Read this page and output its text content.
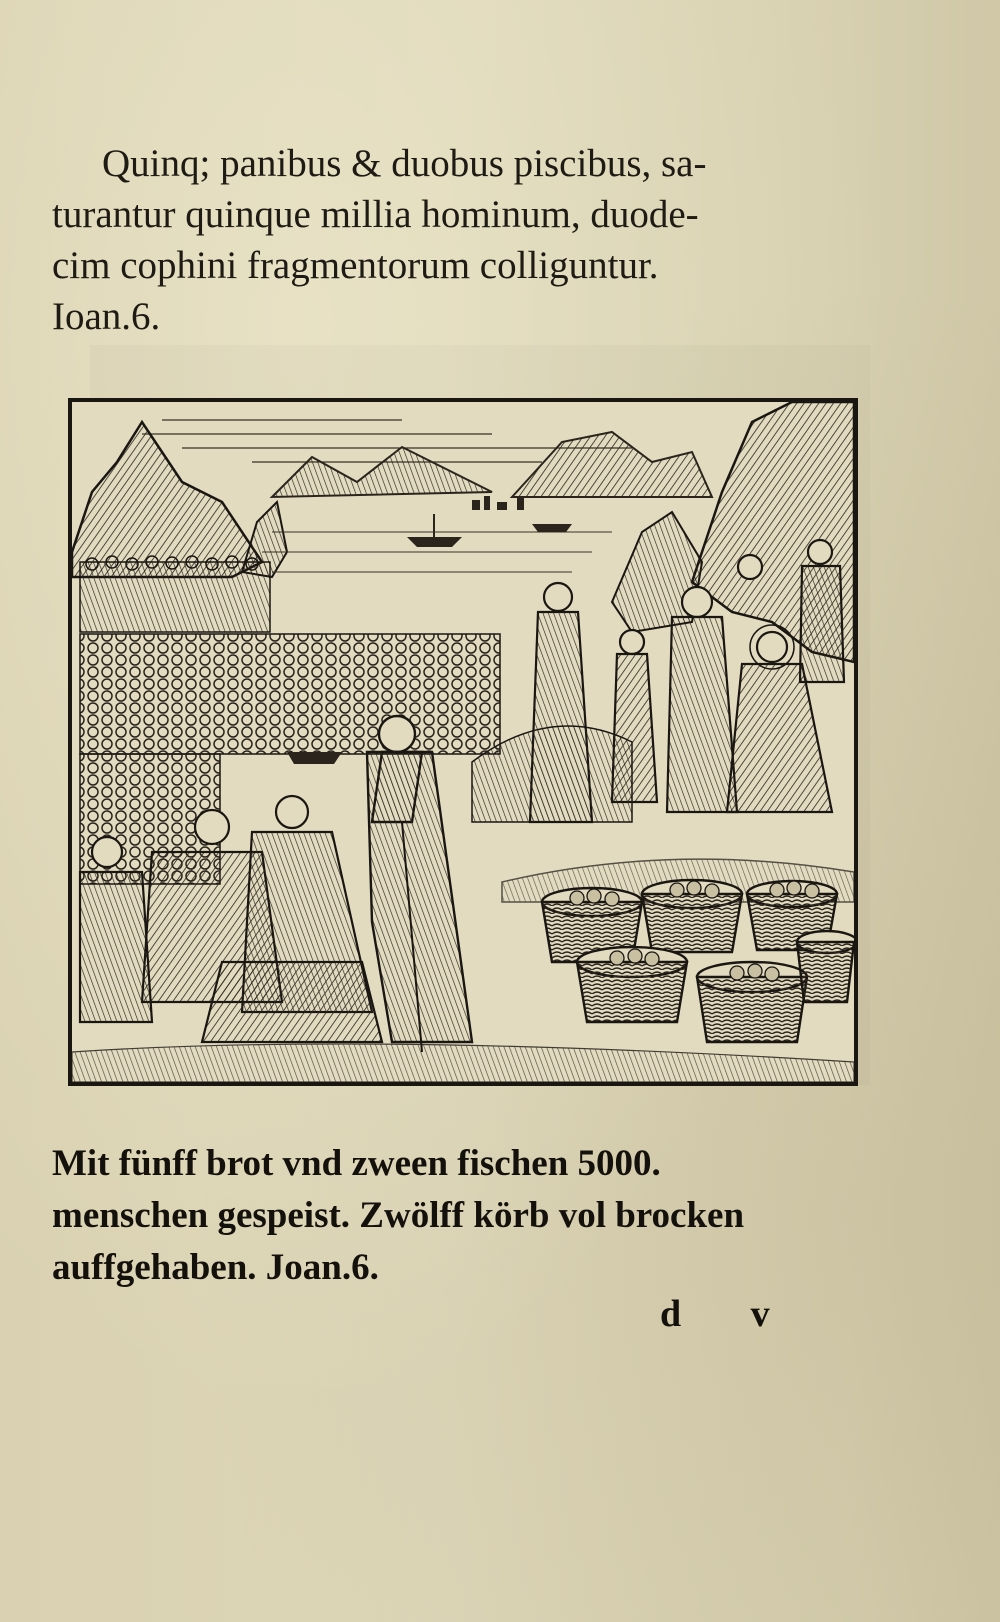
Quinq; panibus & duobus piscibus, sa-
turantur quinque millia hominum, duode-
cim cophini fragmentorum colliguntur.
Ioan.6.

Mit fünff brot vnd zween fischen 5000.
menschen gespeist. Zwölff körb vol brocken
auffgehaben. Joan.6.

d v
